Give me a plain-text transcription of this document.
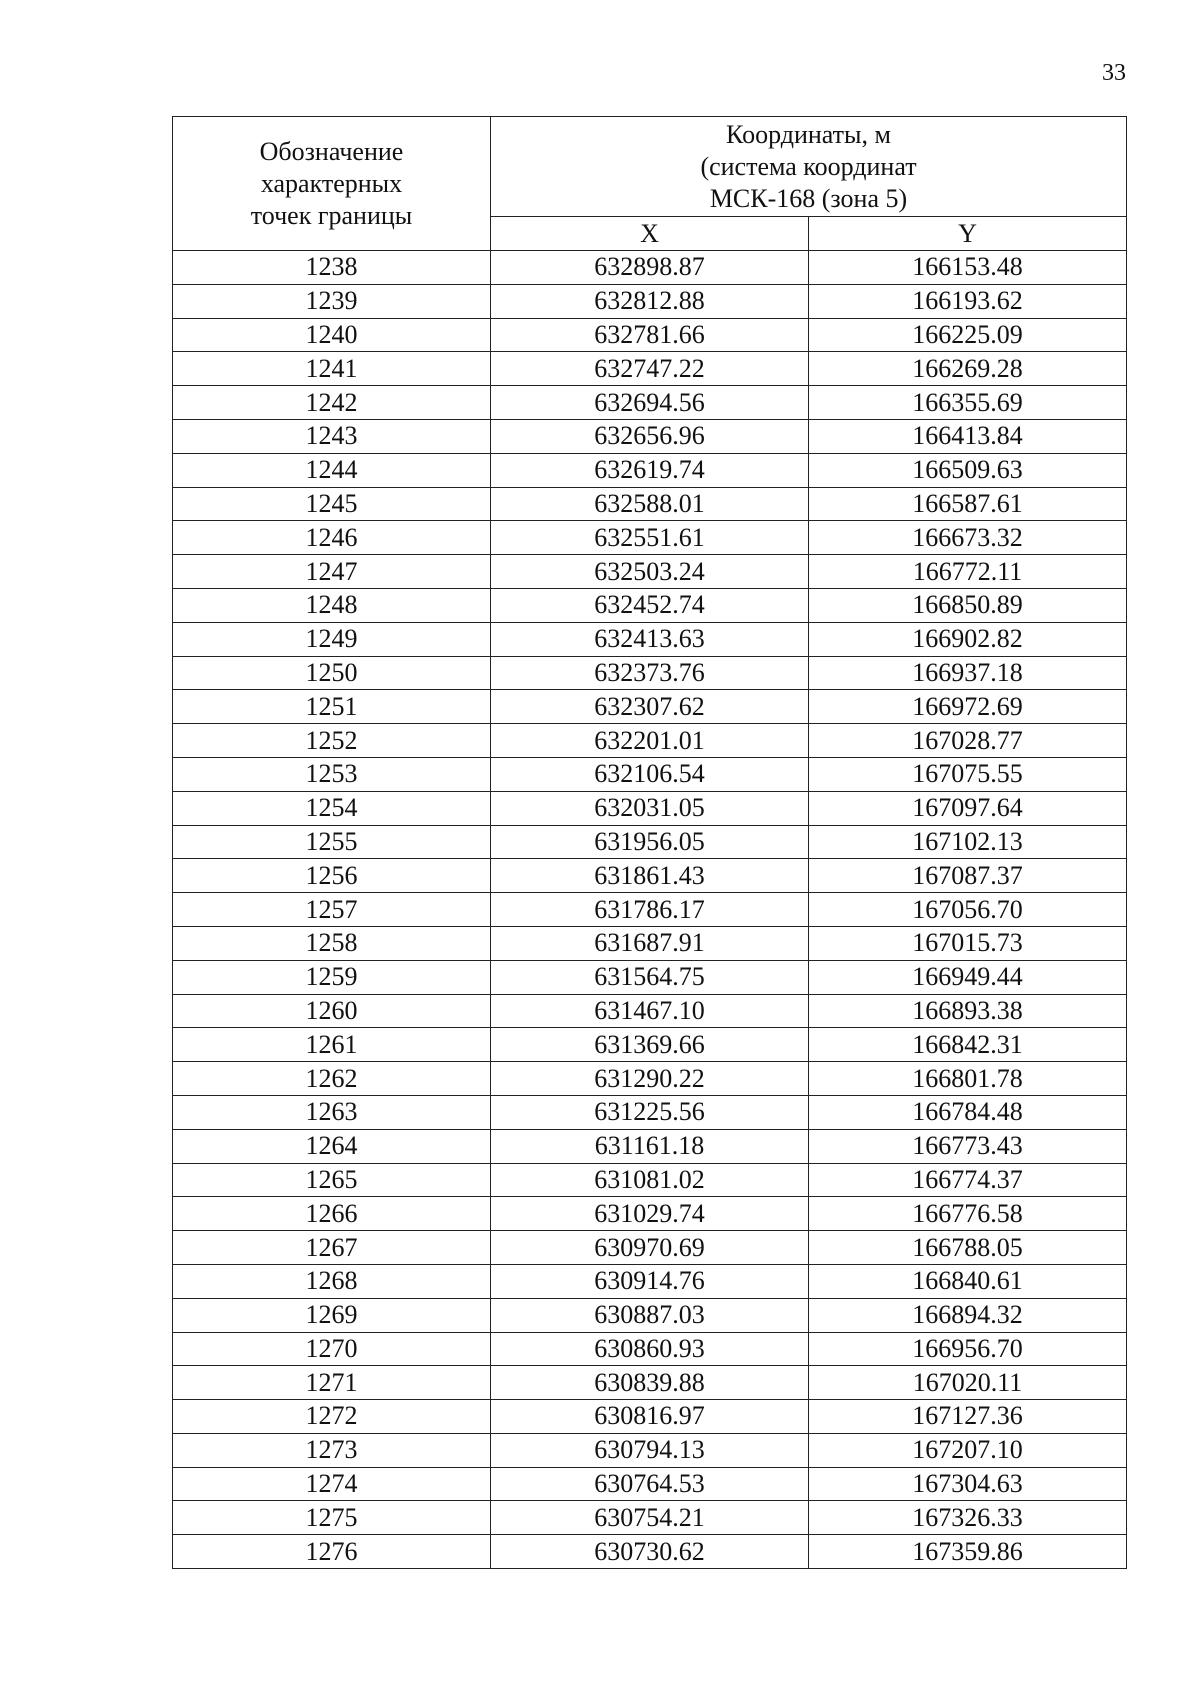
33
Обозначение
характерных
точек границы	Координаты, м
(система координат
МСК-168 (зона 5)	

	X	Y
1238	632898.87	166153.48
1239	632812.88	166193.62
1240	632781.66	166225.09
1241	632747.22	166269.28
1242	632694.56	166355.69
1243	632656.96	166413.84
1244	632619.74	166509.63
1245	632588.01	166587.61
1246	632551.61	166673.32
1247	632503.24	166772.11
1248	632452.74	166850.89
1249	632413.63	166902.82
1250	632373.76	166937.18
1251	632307.62	166972.69
1252	632201.01	167028.77
1253	632106.54	167075.55
1254	632031.05	167097.64
1255	631956.05	167102.13
1256	631861.43	167087.37
1257	631786.17	167056.70
1258	631687.91	167015.73
1259	631564.75	166949.44
1260	631467.10	166893.38
1261	631369.66	166842.31
1262	631290.22	166801.78
1263	631225.56	166784.48
1264	631161.18	166773.43
1265	631081.02	166774.37
1266	631029.74	166776.58
1267	630970.69	166788.05
1268	630914.76	166840.61
1269	630887.03	166894.32
1270	630860.93	166956.70
1271	630839.88	167020.11
1272	630816.97	167127.36
1273	630794.13	167207.10
1274	630764.53	167304.63
1275	630754.21	167326.33
1276	630730.62	167359.86
